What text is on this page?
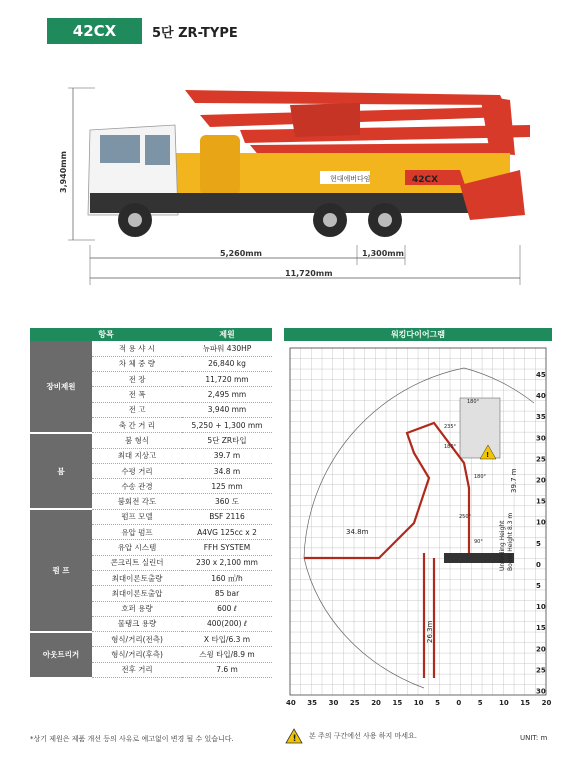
42CX	5단 ZR-TYPE
3,940mm	현대에버다임	42CX
5,260mm	1,300mm
11,720mm
항목		제원
장비제원	적 용 샤 시	뉴파워 430HP
	차 체 중 량	26,840 kg
	전 장	11,720 mm
	전 폭	2,495 mm
	전 고	3,940 mm
	축 간 거 리	5,250 + 1,300 mm
붐	붐 형식	5단 ZR타입
	최대 지상고	39.7 m
	수평 거리	34.8 m
	수송 관경	125 mm
	붐회전 각도	360 도
펌 프	펌프 모델	BSF 2116
	유압 펌프	A4VG 125cc x 2
	유압 시스템	FFH SYSTEM
	콘크리트 실린더	230 x 2,100 mm
	최대이론토출량	160 ㎥/h
	최대이론토출압	85 bar
	호퍼 용량	600 ℓ
	물탱크 용량	400(200) ℓ
아웃트리거	형식/거리(전측)	X 타입/6.3 m
	형식/거리(후측)	스윙 타입/8.9 m
	전후 거리	7.6 m
워킹다이어그램
!
34.8m
39.7 m
26.3m
Boom Height 8.3 m
Unfolding Height
235°
180°
250°
180°
180°
90°
40 35 30 25 20 15 10 5 0 5 10 15 20
45
40
35
30
25
20
15
10
5
0
5
10
15
20
25
30
*상기 제원은 제품 개선 등의 사유로 예고없이 변경 될 수 있습니다.	! 본 주의 구간에선 사용 하지 마세요.	UNIT: m
